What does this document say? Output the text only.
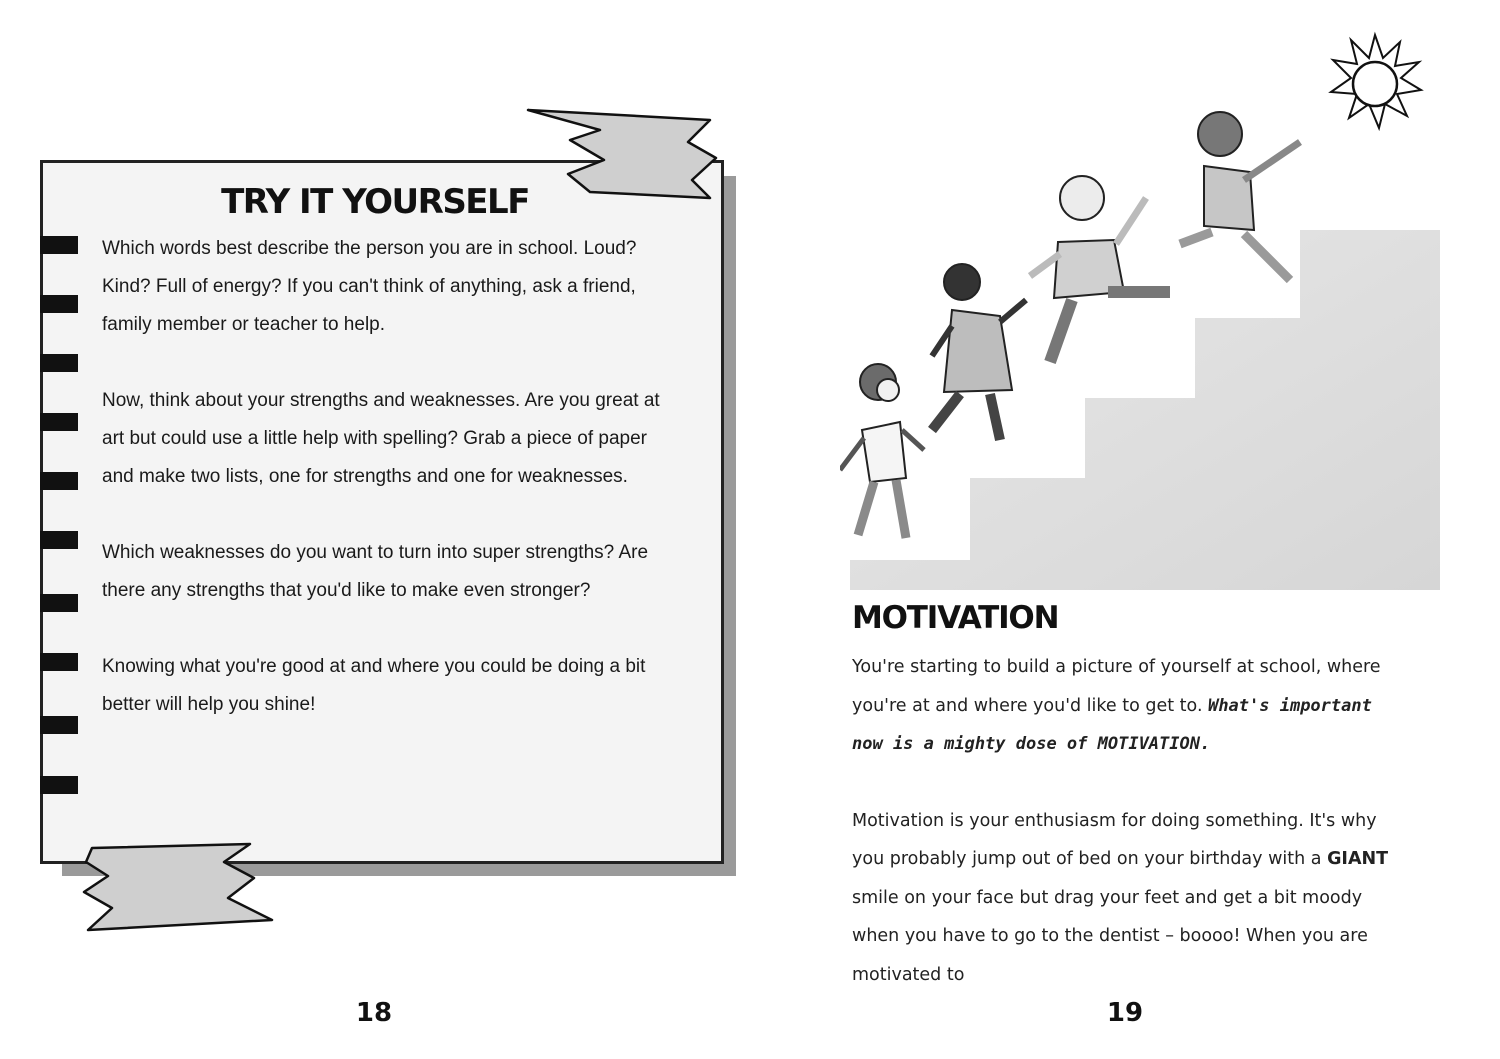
TRY IT YOURSELF

Which words best describe the person you are in school. Loud? Kind? Full of energy? If you can't think of anything, ask a friend, family member or teacher to help.

Now, think about your strengths and weaknesses. Are you great at art but could use a little help with spelling? Grab a piece of paper and make two lists, one for strengths and one for weaknesses.

Which weaknesses do you want to turn into super strengths? Are there any strengths that you'd like to make even stronger?

Knowing what you're good at and where you could be doing a bit better will help you shine!

18
MOTIVATION

You're starting to build a picture of yourself at school, where you're at and where you'd like to get to. What's important now is a mighty dose of MOTIVATION.

Motivation is your enthusiasm for doing something. It's why you probably jump out of bed on your birthday with a GIANT smile on your face but drag your feet and get a bit moody when you have to go to the dentist – boooo! When you are motivated to

19
